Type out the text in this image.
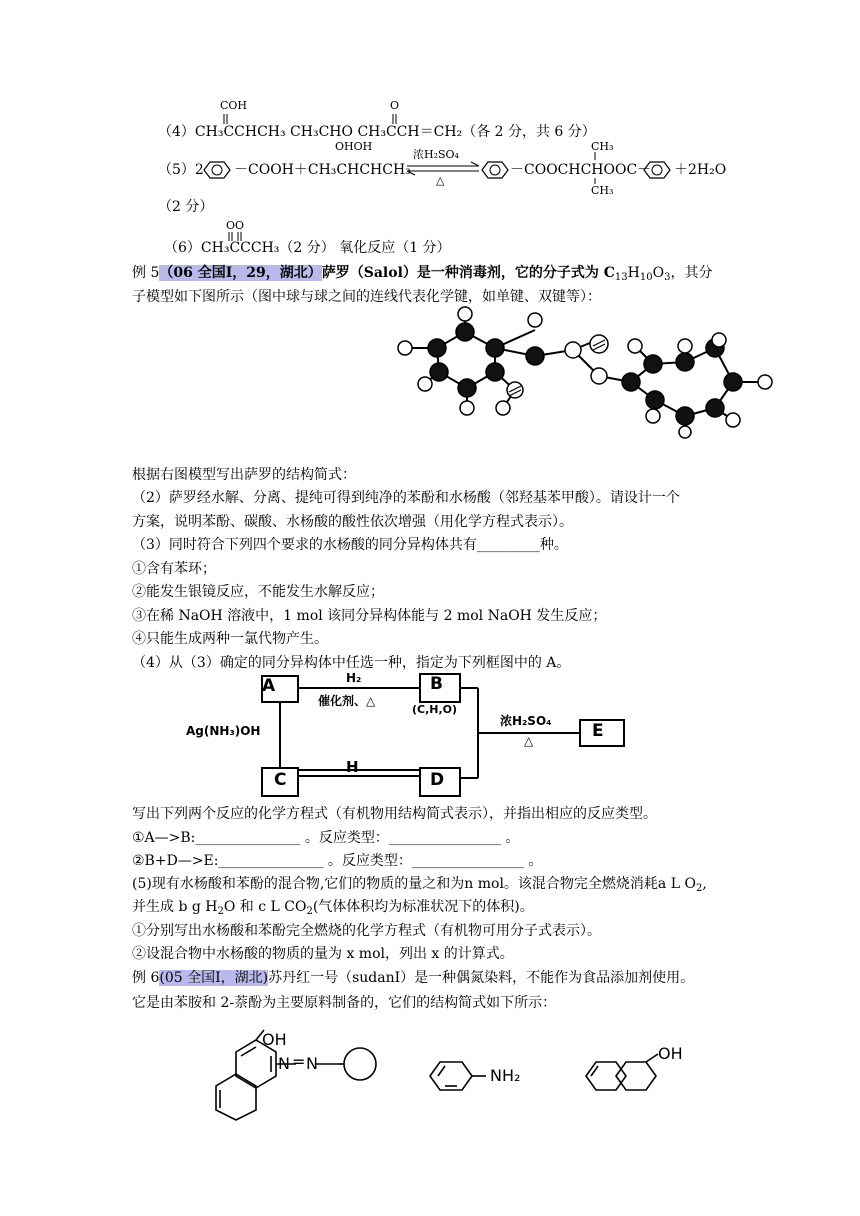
COH	O
（4）CH₃CCHCH₃ CH₃CHO CH₃CCH＝CH₂（各 2 分，共 6 分）
OHOH	CH₃
浓H₂SO₄
（5）2 －COOH＋CH₃CHCHCH₃
△
－COOCHCHOOC－ ＋2H₂O
CH₃
（2 分）
OO
（6）CH₃CCCH₃（2 分） 氧化反应（1 分）
例 5（06 全国Ⅰ，29，湖北）萨罗（Salol）是一种消毒剂，它的分子式为 $C_{13}H_{10}O_3$，其分
子模型如下图所示（图中球与球之间的连线代表化学键，如单键、双键等）：
根据右图模型写出萨罗的结构简式：
（2）萨罗经水解、分离、提纯可得到纯净的苯酚和水杨酸（邻羟基苯甲酸）。请设计一个
方案，说明苯酚、碳酸、水杨酸的酸性依次增强（用化学方程式表示）。
（3）同时符合下列四个要求的水杨酸的同分异构体共有_________种。
①含有苯环；
②能发生银镜反应，不能发生水解反应；
③在稀 NaOH 溶液中，1 mol 该同分异构体能与 2 mol NaOH 发生反应；
④只能生成两种一氯代物产生。
（4）从（3）确定的同分异构体中任选一种，指定为下列框图中的 A。
A	B
C	D
E
H₂
催化剂、△
(C,H,O)
Ag(NH₃)OH
H
浓H₂SO₄
△
写出下列两个反应的化学方程式（有机物用结构简式表示），并指出相应的反应类型。
①A—>B:_______________ 。反应类型：________________ 。
②B+D—>E:_______________ 。反应类型：________________ 。
(5)现有水杨酸和苯酚的混合物,它们的物质的量之和为n mol。该混合物完全燃烧消耗a L $O_2$,
并生成 b g $H_2O$ 和 c L $CO_2$(气体体积均为标准状况下的体积)。
①分别写出水杨酸和苯酚完全燃烧的化学方程式（有机物可用分子式表示）。
②设混合物中水杨酸的物质的量为 x mol，列出 x 的计算式。
例 6(05 全国Ⅰ，湖北)苏丹红一号（sudanⅠ）是一种偶氮染料，不能作为食品添加剂使用。
它是由苯胺和 2-萘酚为主要原料制备的，它们的结构简式如下所示：
OH
N = N
NH₂
OH
